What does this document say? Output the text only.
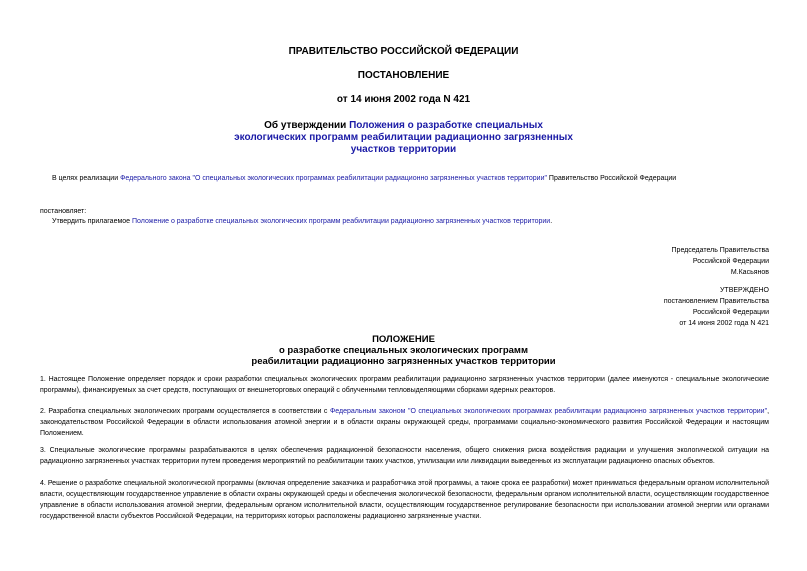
ПРАВИТЕЛЬСТВО РОССИЙСКОЙ ФЕДЕРАЦИИ
ПОСТАНОВЛЕНИЕ
от 14 июня 2002 года N 421
Об утверждении Положения о разработке специальных
экологических программ реабилитации радиационно загрязненных
участков территории
В целях реализации Федерального закона "О специальных экологических программах реабилитации радиационно загрязненных участков территории" Правительство Российской Федерации
постановляет:
Утвердить прилагаемое Положение о разработке специальных экологических программ реабилитации радиационно загрязненных участков территории.
Председатель Правительства
Российской Федерации
М.Касьянов
УТВЕРЖДЕНО
постановлением Правительства
Российской Федерации
от 14 июня 2002 года N 421
ПОЛОЖЕНИЕ
о разработке специальных экологических программ
реабилитации радиационно загрязненных участков территории
1. Настоящее Положение определяет порядок и сроки разработки специальных экологических программ реабилитации радиационно загрязненных участков территории (далее именуются - специальные экологические программы), финансируемых за счет средств, поступающих от внешнеторговых операций с облученными тепловыделяющими сборками ядерных реакторов.
2. Разработка специальных экологических программ осуществляется в соответствии с Федеральным законом "О специальных экологических программах реабилитации радиационно загрязненных участков территории", законодательством Российской Федерации в области использования атомной энергии и в области охраны окружающей среды, программами социально-экономического развития Российской Федерации и настоящим Положением.
3. Специальные экологические программы разрабатываются в целях обеспечения радиационной безопасности населения, общего снижения риска воздействия радиации и улучшения экологической ситуации на радиационно загрязненных участках территории путем проведения мероприятий по реабилитации таких участков, утилизации или ликвидации выведенных из эксплуатации радиационно опасных объектов.
4. Решение о разработке специальной экологической программы (включая определение заказчика и разработчика этой программы, а также срока ее разработки) может приниматься федеральным органом исполнительной власти, осуществляющим государственное управление в области охраны окружающей среды и обеспечения экологической безопасности, федеральным органом исполнительной власти, осуществляющим государственное управление в области использования атомной энергии, федеральным органом исполнительной власти, осуществляющим государственное регулирование безопасности при использовании атомной энергии или органами государственной власти субъектов Российской Федерации, на территориях которых расположены радиационно загрязненные участки.
